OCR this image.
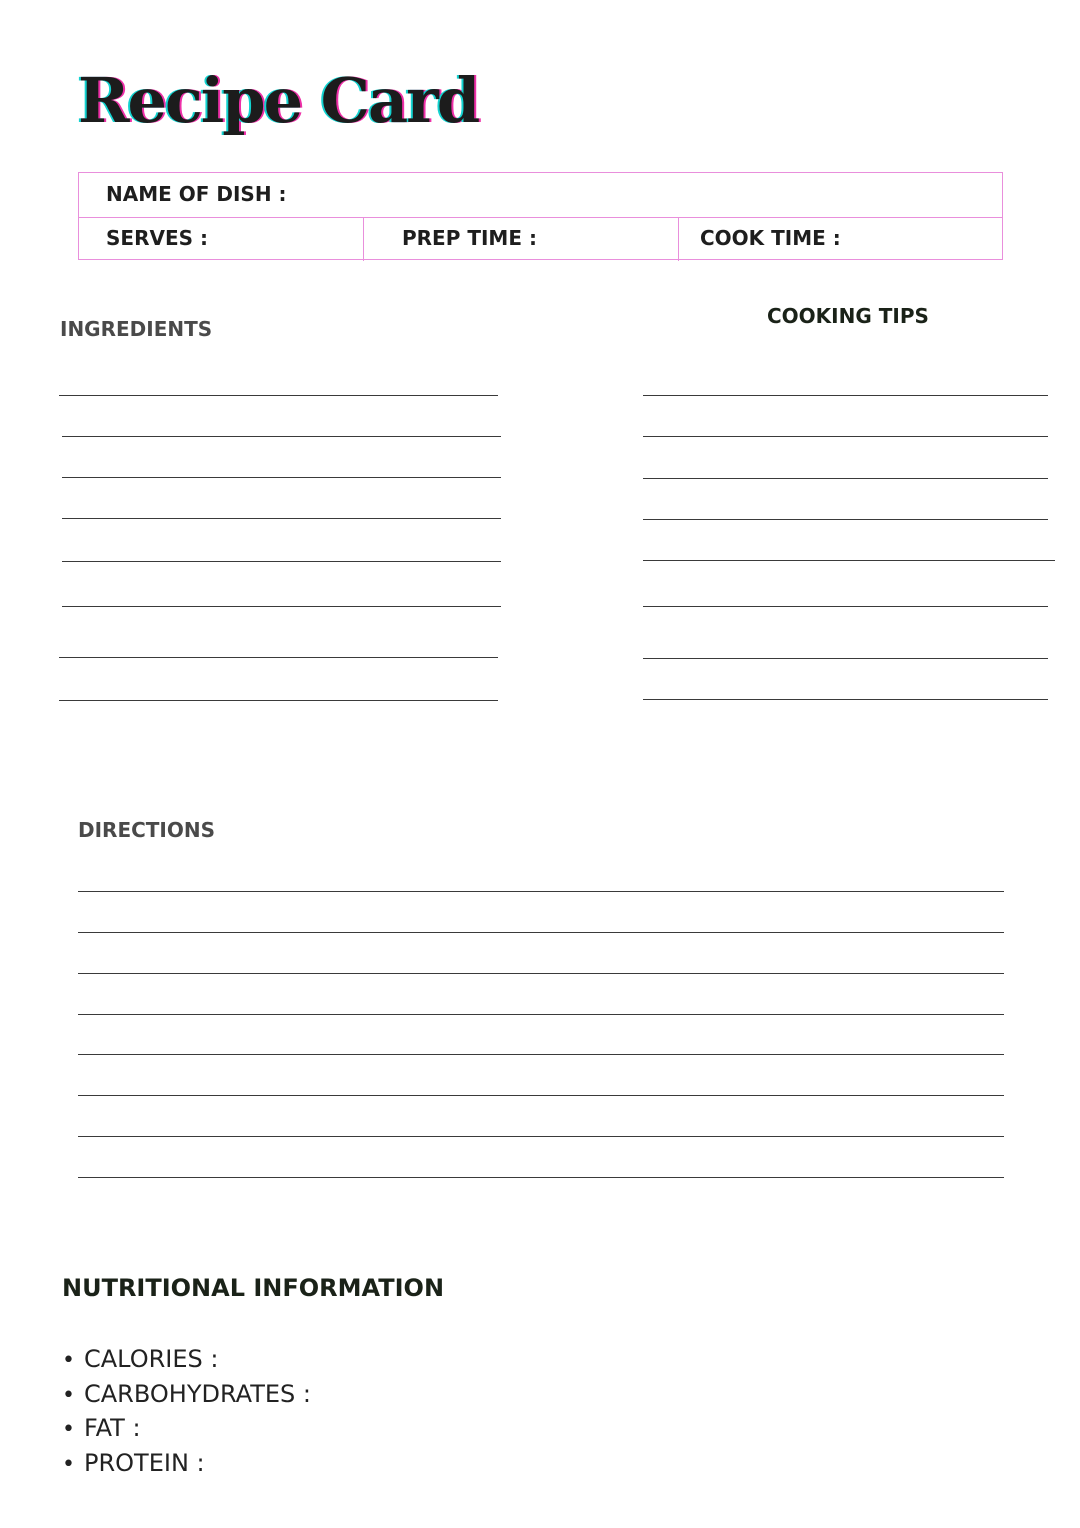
Recipe Card
NAME OF DISH :
SERVES :	PREP TIME :	COOK TIME :
INGREDIENTS
COOKING TIPS
DIRECTIONS
NUTRITIONAL INFORMATION
• CALORIES :
• CARBOHYDRATES :
• FAT :
• PROTEIN :
